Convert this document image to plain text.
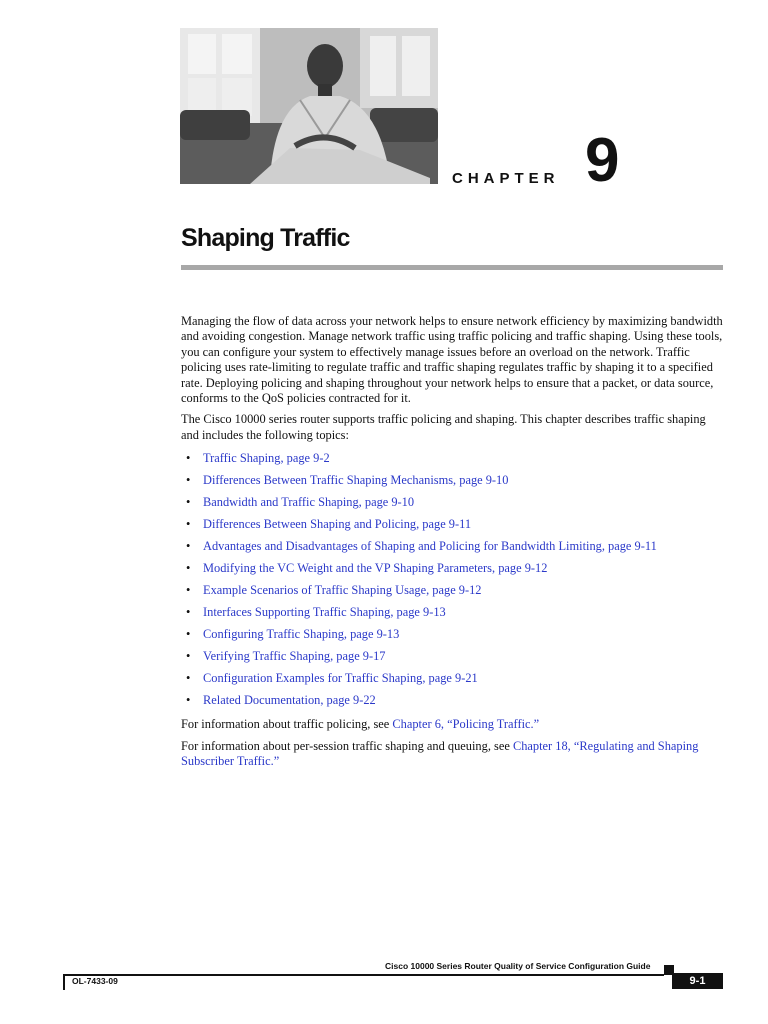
CHAPTER 9
Shaping Traffic

Managing the flow of data across your network helps to ensure network efficiency by maximizing bandwidth and avoiding congestion. Manage network traffic using traffic policing and traffic shaping. Using these tools, you can configure your system to effectively manage issues before an overload on the network. Traffic policing uses rate-limiting to regulate traffic and traffic shaping regulates traffic by shaping it to a specified rate. Deploying policing and shaping throughout your network helps to ensure that a packet, or data source, conforms to the QoS policies contracted for it.

The Cisco 10000 series router supports traffic policing and shaping. This chapter describes traffic shaping and includes the following topics:

• Traffic Shaping, page 9-2
• Differences Between Traffic Shaping Mechanisms, page 9-10
• Bandwidth and Traffic Shaping, page 9-10
• Differences Between Shaping and Policing, page 9-11
• Advantages and Disadvantages of Shaping and Policing for Bandwidth Limiting, page 9-11
• Modifying the VC Weight and the VP Shaping Parameters, page 9-12
• Example Scenarios of Traffic Shaping Usage, page 9-12
• Interfaces Supporting Traffic Shaping, page 9-13
• Configuring Traffic Shaping, page 9-13
• Verifying Traffic Shaping, page 9-17
• Configuration Examples for Traffic Shaping, page 9-21
• Related Documentation, page 9-22

For information about traffic policing, see Chapter 6, “Policing Traffic.”

For information about per-session traffic shaping and queuing, see Chapter 18, “Regulating and Shaping Subscriber Traffic.”

Cisco 10000 Series Router Quality of Service Configuration Guide
OL-7433-09	9-1
